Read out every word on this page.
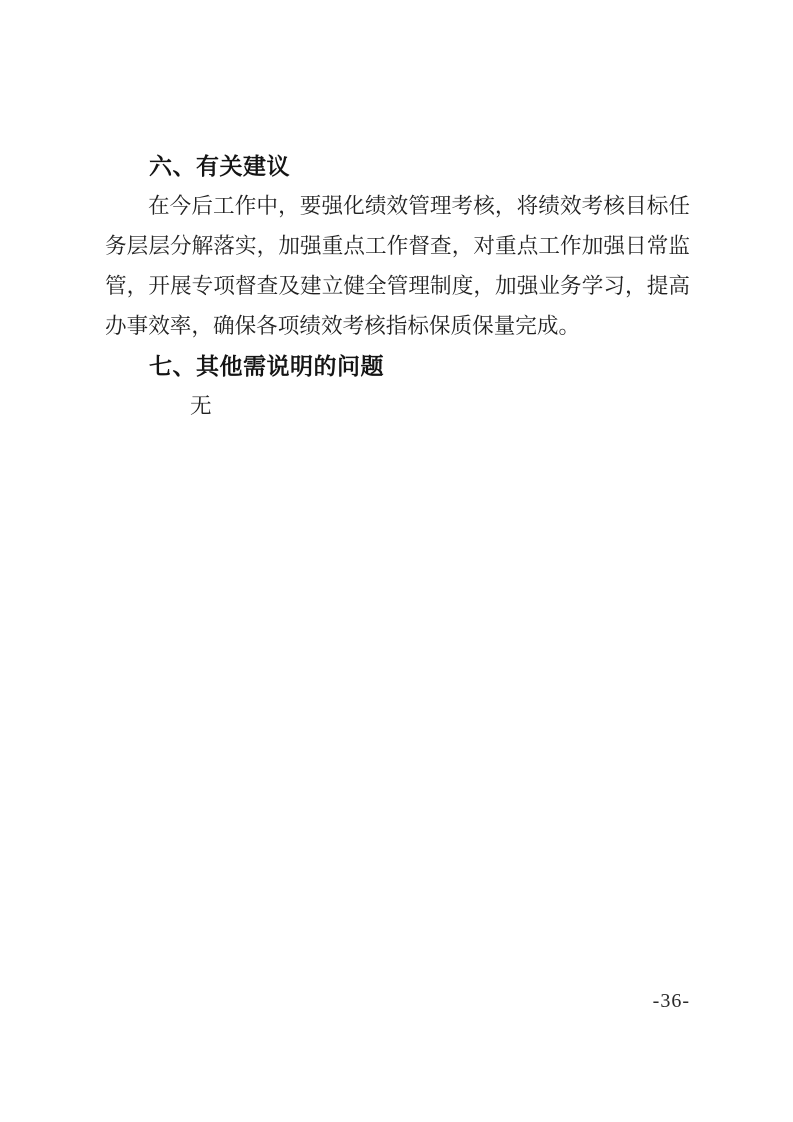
六、有关建议

在今后工作中，要强化绩效管理考核，将绩效考核目标任务层层分解落实，加强重点工作督查，对重点工作加强日常监管，开展专项督查及建立健全管理制度，加强业务学习，提高办事效率，确保各项绩效考核指标保质保量完成。

七、其他需说明的问题
无
-36-
